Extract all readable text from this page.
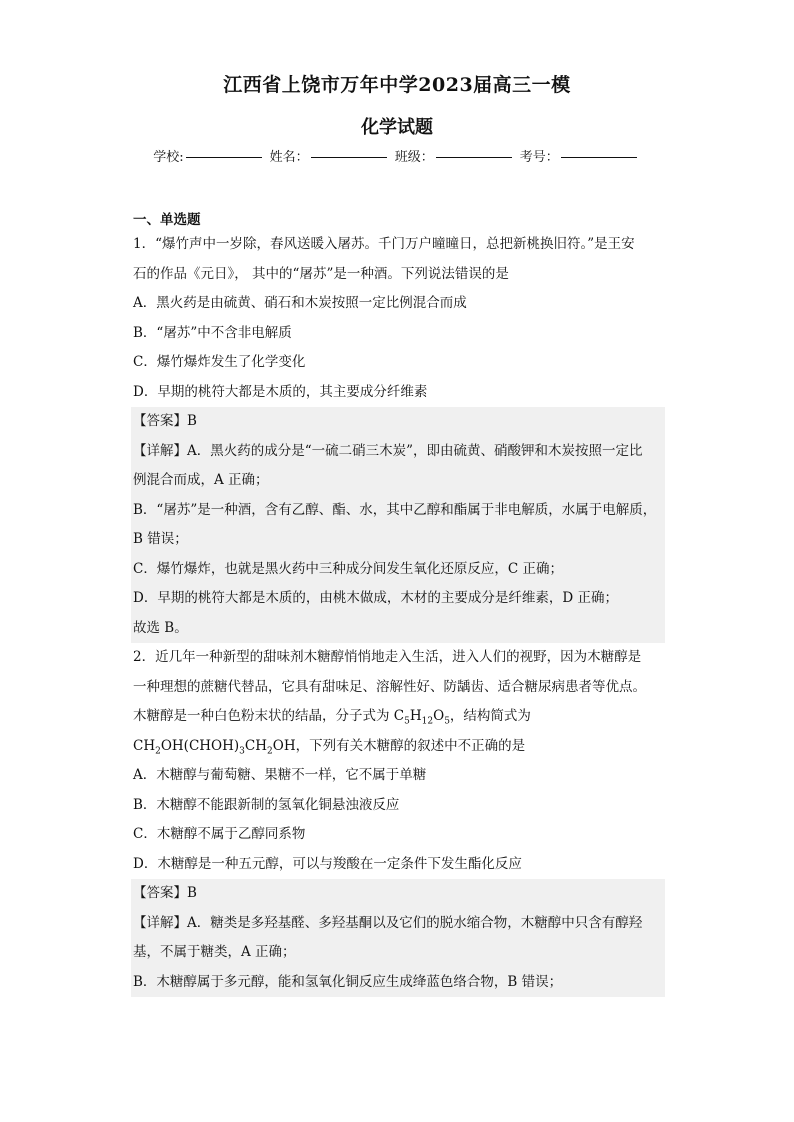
江西省上饶市万年中学2023届高三一模
化学试题
学校:	姓名：	班级：	考号：
一、单选题

1．“爆竹声中一岁除，春风送暖入屠苏。千门万户曈曈日，总把新桃换旧符。”是王安

石的作品《元日》， 其中的“屠苏”是一种酒。下列说法错误的是

A．黑火药是由硫黄、硝石和木炭按照一定比例混合而成

B．“屠苏”中不含非电解质

C．爆竹爆炸发生了化学变化

D．早期的桃符大都是木质的，其主要成分纤维素

【答案】B

【详解】A．黑火药的成分是“一硫二硝三木炭”，即由硫黄、硝酸钾和木炭按照一定比

例混合而成，A 正确；

B．“屠苏”是一种酒，含有乙醇、酯、水，其中乙醇和酯属于非电解质，水属于电解质，

B 错误；

C．爆竹爆炸，也就是黑火药中三种成分间发生氧化还原反应，C 正确；

D．早期的桃符大都是木质的，由桃木做成，木材的主要成分是纤维素，D 正确；

故选 B。

2．近几年一种新型的甜味剂木糖醇悄悄地走入生活，进入人们的视野，因为木糖醇是

一种理想的蔗糖代替品，它具有甜味足、溶解性好、防龋齿、适合糖尿病患者等优点。

木糖醇是一种白色粉末状的结晶，分子式为 $C_5H_{12}O_5$，结构简式为

$CH_2OH(CHOH)_3CH_2OH$，下列有关木糖醇的叙述中不正确的是

A．木糖醇与葡萄糖、果糖不一样，它不属于单糖

B．木糖醇不能跟新制的氢氧化铜悬浊液反应

C．木糖醇不属于乙醇同系物

D．木糖醇是一种五元醇，可以与羧酸在一定条件下发生酯化反应

【答案】B

【详解】A．糖类是多羟基醛、多羟基酮以及它们的脱水缩合物，木糖醇中只含有醇羟

基，不属于糖类，A 正确；

B．木糖醇属于多元醇，能和氢氧化铜反应生成绛蓝色络合物，B 错误；
